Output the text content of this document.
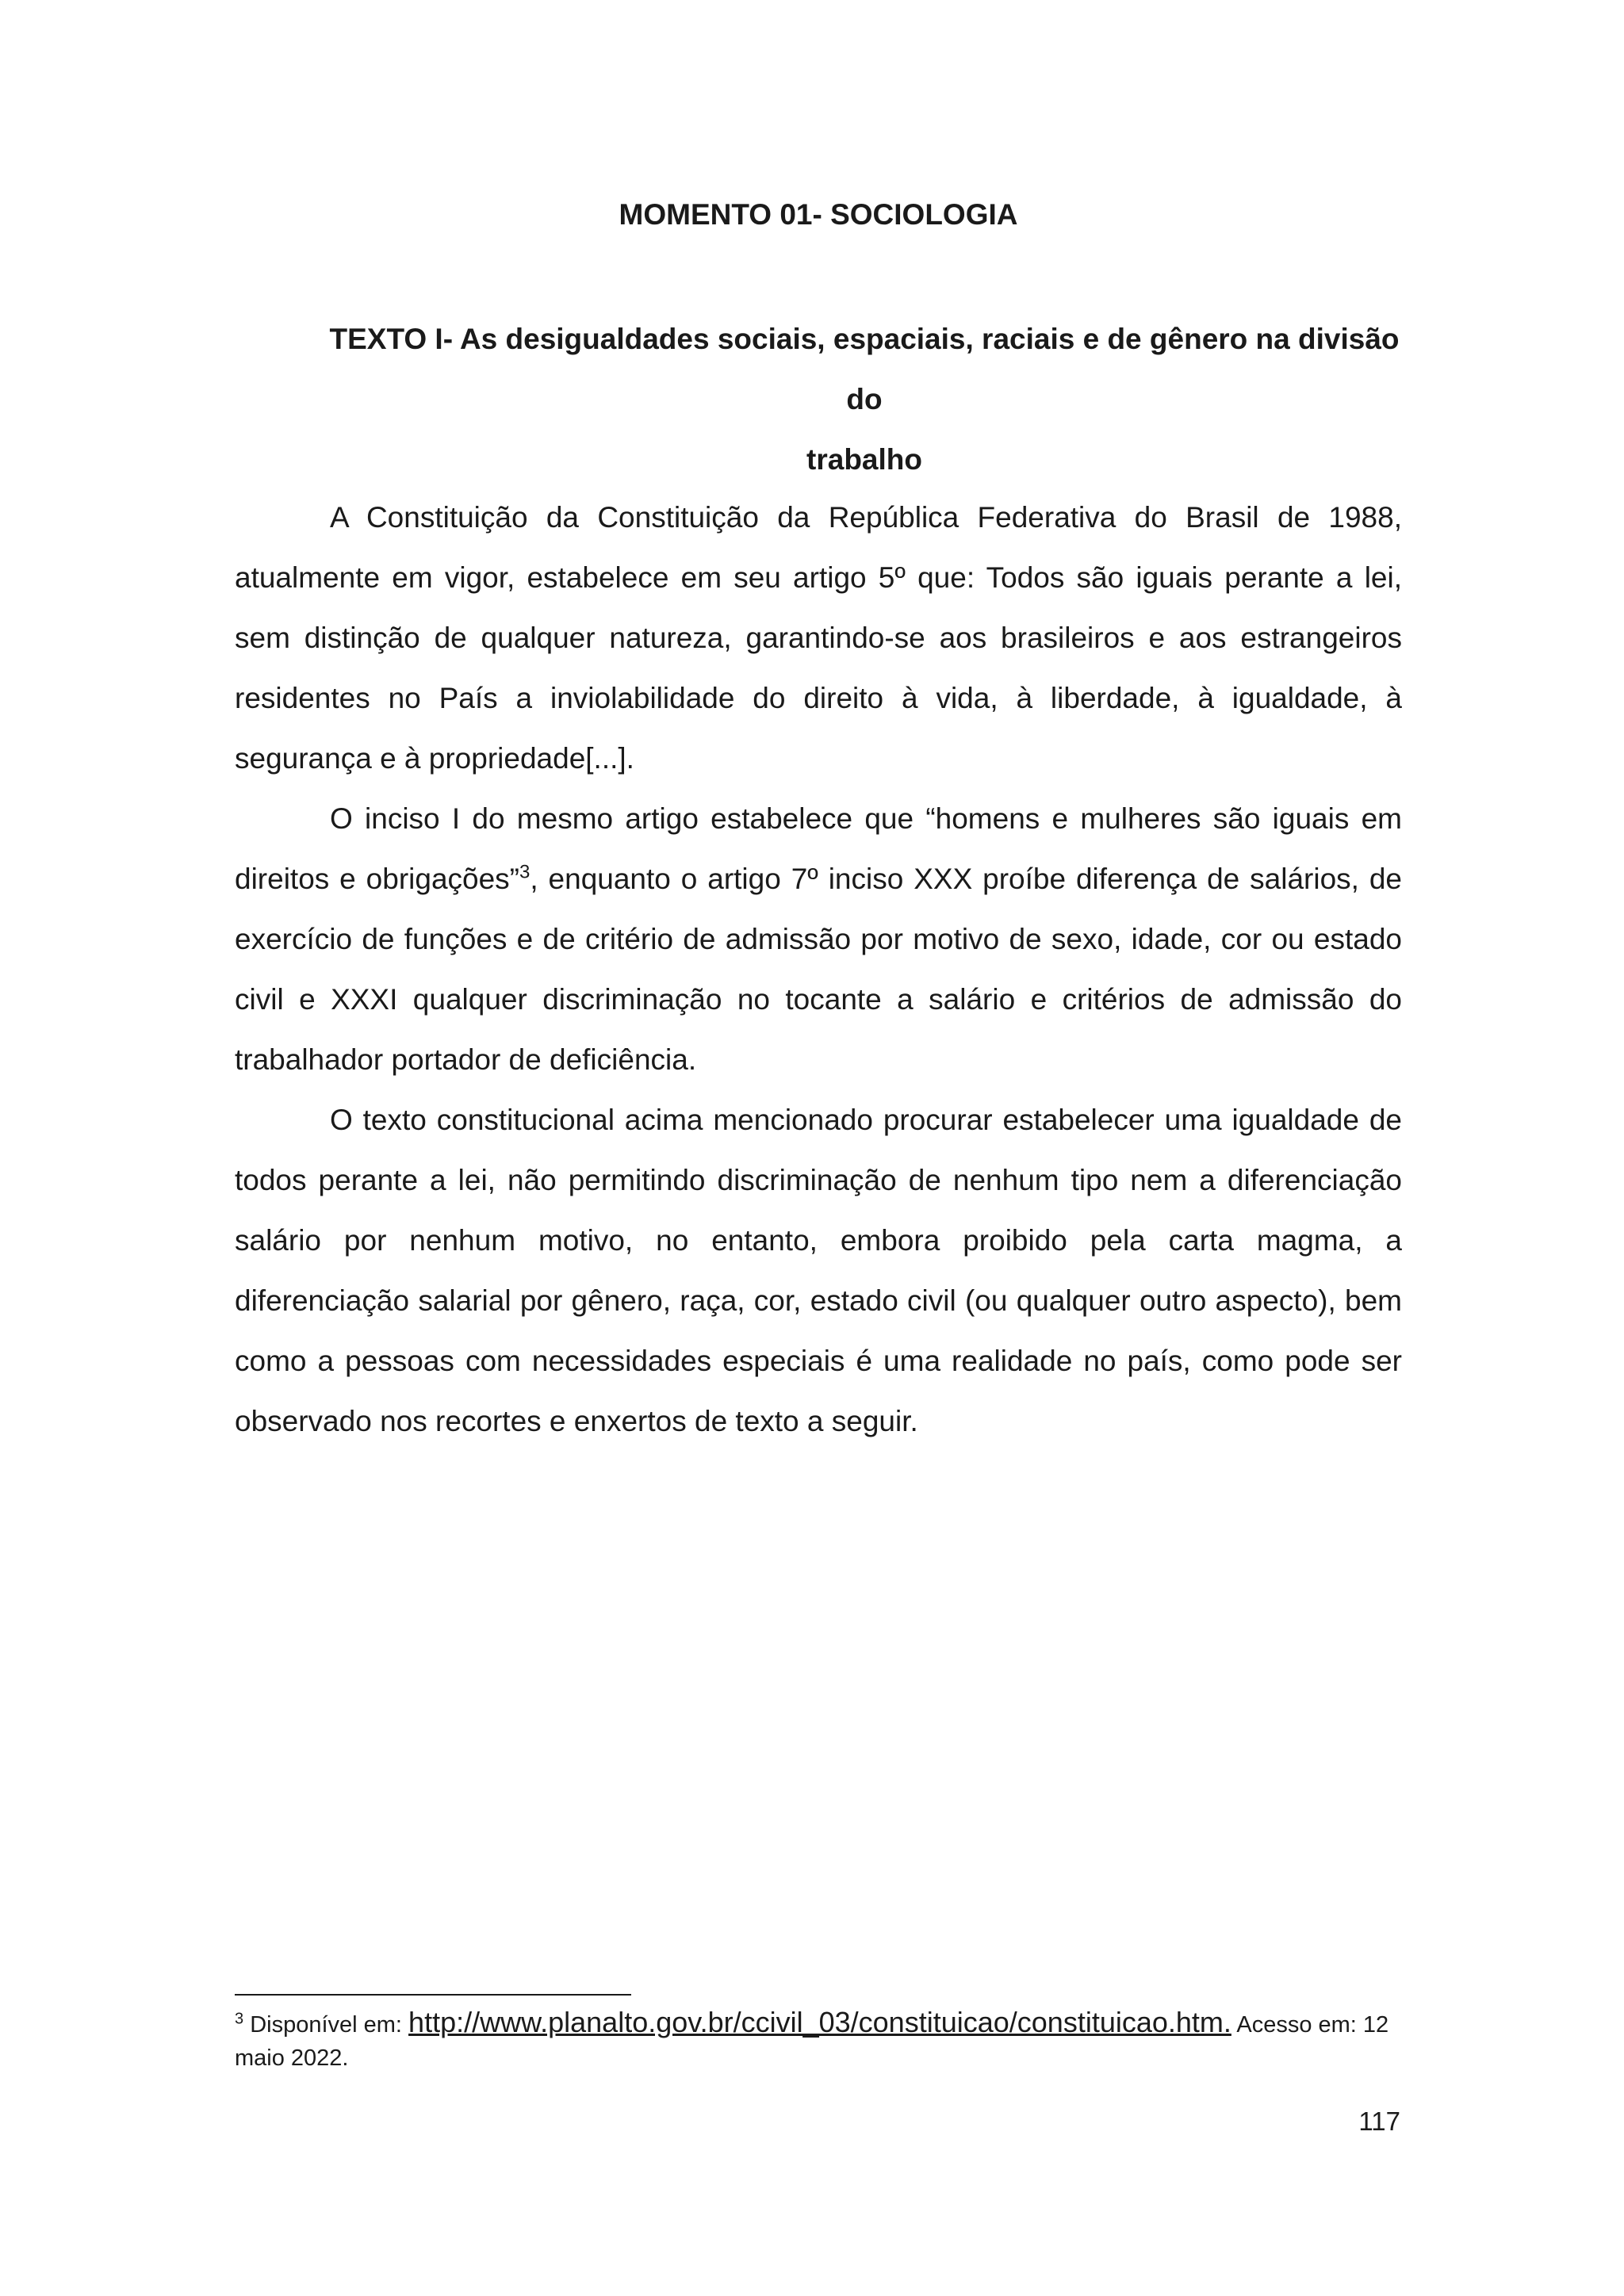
MOMENTO 01- SOCIOLOGIA
TEXTO I- As desigualdades sociais, espaciais, raciais e de gênero na divisão do
trabalho

A Constituição da Constituição da República Federativa do Brasil de 1988, atualmente em vigor, estabelece em seu artigo 5º que: Todos são iguais perante a lei, sem distinção de qualquer natureza, garantindo-se aos brasileiros e aos estrangeiros residentes no País a inviolabilidade do direito à vida, à liberdade, à igualdade, à segurança e à propriedade[...].

O inciso I do mesmo artigo estabelece que “homens e mulheres são iguais em direitos e obrigações”$^3$, enquanto o artigo 7º inciso XXX proíbe diferença de salários, de exercício de funções e de critério de admissão por motivo de sexo, idade, cor ou estado civil e XXXI qualquer discriminação no tocante a salário e critérios de admissão do trabalhador portador de deficiência.

O texto constitucional acima mencionado procurar estabelecer uma igualdade de todos perante a lei, não permitindo discriminação de nenhum tipo nem a diferenciação salário por nenhum motivo, no entanto, embora proibido pela carta magma, a diferenciação salarial por gênero, raça, cor, estado civil (ou qualquer outro aspecto), bem como a pessoas com necessidades especiais é uma realidade no país, como pode ser observado nos recortes e enxertos de texto a seguir.

$^3$ Disponível em: http://www.planalto.gov.br/ccivil_03/constituicao/constituicao.htm. Acesso em: 12 maio 2022.
117
